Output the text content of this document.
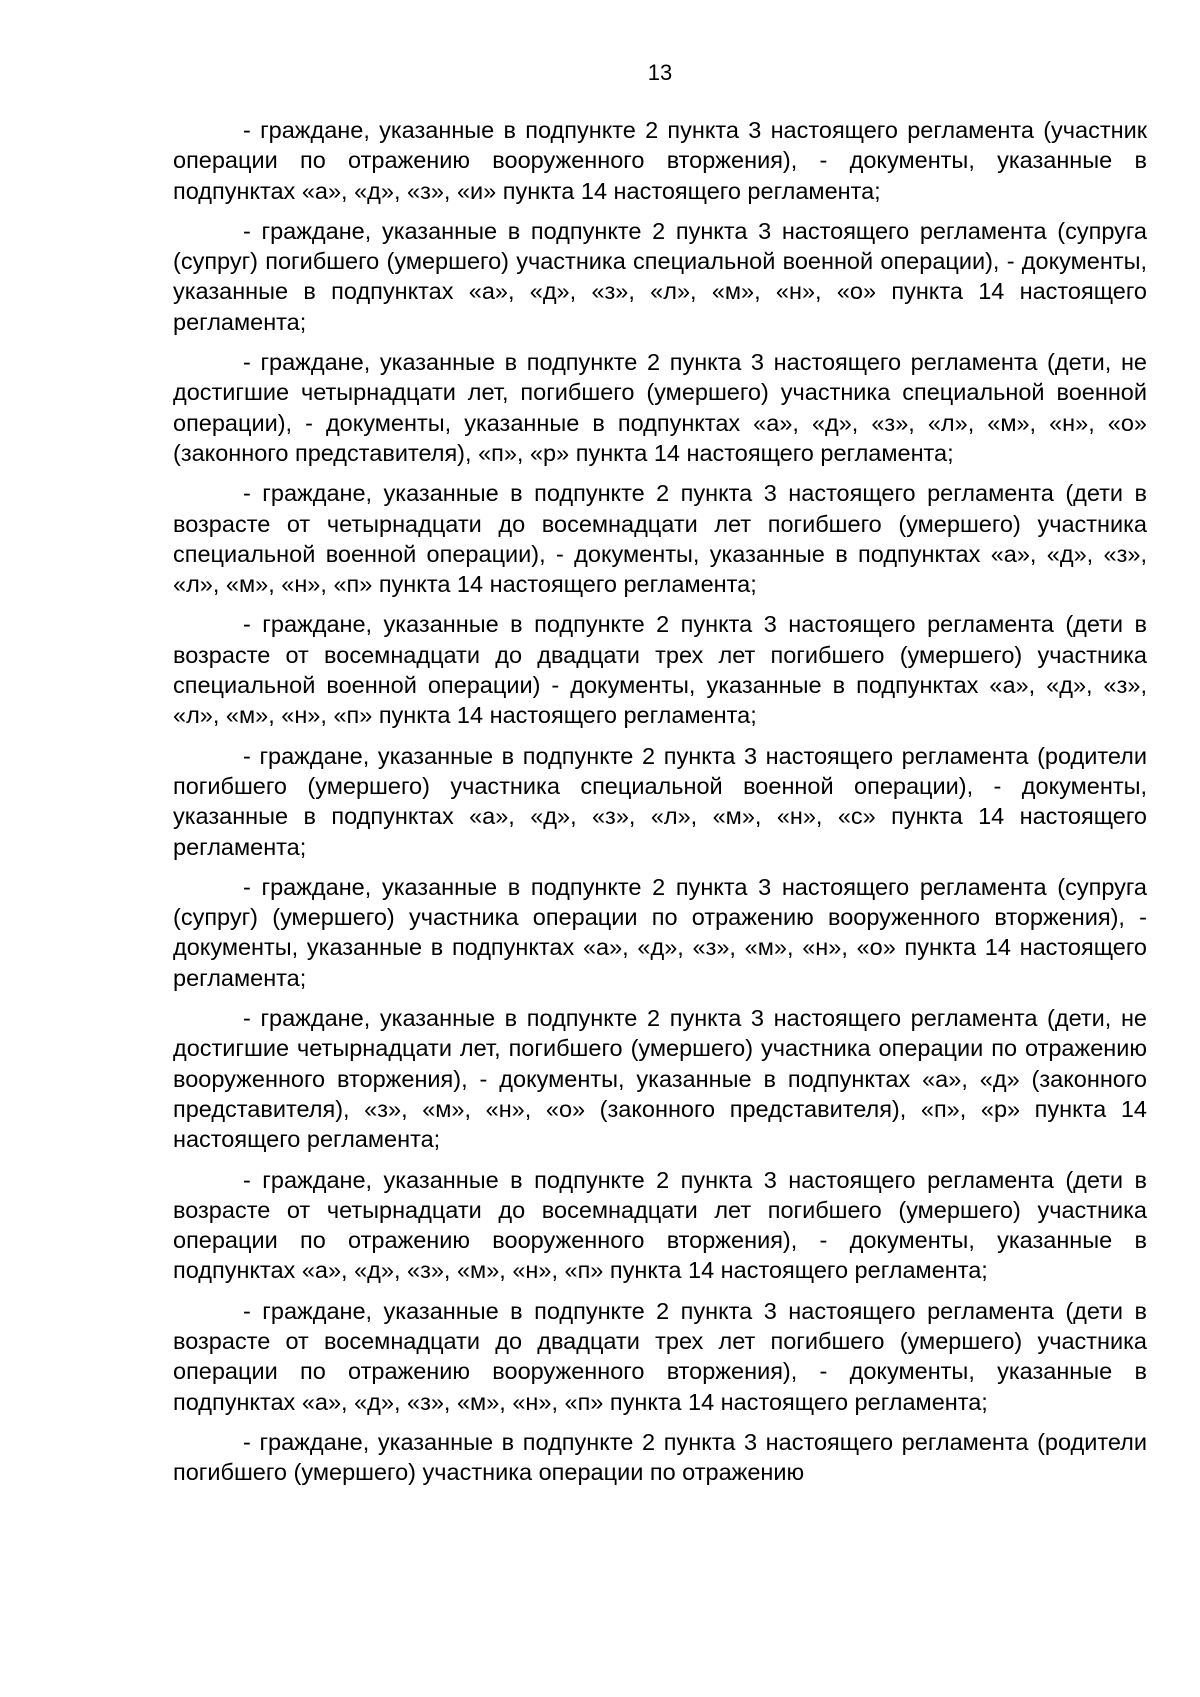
13

- граждане, указанные в подпункте 2 пункта 3 настоящего регламента (участник операции по отражению вооруженного вторжения), - документы, указанные в подпунктах «а», «д», «з», «и» пункта 14 настоящего регламента;

- граждане, указанные в подпункте 2 пункта 3 настоящего регламента (супруга (супруг) погибшего (умершего) участника специальной военной операции), - документы, указанные в подпунктах «а», «д», «з», «л», «м», «н», «о» пункта 14 настоящего регламента;

- граждане, указанные в подпункте 2 пункта 3 настоящего регламента (дети, не достигшие четырнадцати лет, погибшего (умершего) участника специальной военной операции), - документы, указанные в подпунктах «а», «д», «з», «л», «м», «н», «о» (законного представителя), «п», «р» пункта 14 настоящего регламента;

- граждане, указанные в подпункте 2 пункта 3 настоящего регламента (дети в возрасте от четырнадцати до восемнадцати лет погибшего (умершего) участника специальной военной операции), - документы, указанные в подпунктах «а», «д», «з», «л», «м», «н», «п» пункта 14 настоящего регламента;

- граждане, указанные в подпункте 2 пункта 3 настоящего регламента (дети в возрасте от восемнадцати до двадцати трех лет погибшего (умершего) участника специальной военной операции) - документы, указанные в подпунктах «а», «д», «з», «л», «м», «н», «п» пункта 14 настоящего регламента;

- граждане, указанные в подпункте 2 пункта 3 настоящего регламента (родители погибшего (умершего) участника специальной военной операции), - документы, указанные в подпунктах «а», «д», «з», «л», «м», «н», «с» пункта 14 настоящего регламента;

- граждане, указанные в подпункте 2 пункта 3 настоящего регламента (супруга (супруг) (умершего) участника операции по отражению вооруженного вторжения), - документы, указанные в подпунктах «а», «д», «з», «м», «н», «о» пункта 14 настоящего регламента;

- граждане, указанные в подпункте 2 пункта 3 настоящего регламента (дети, не достигшие четырнадцати лет, погибшего (умершего) участника операции по отражению вооруженного вторжения), - документы, указанные в подпунктах «а», «д» (законного представителя), «з», «м», «н», «о» (законного представителя), «п», «р» пункта 14 настоящего регламента;

- граждане, указанные в подпункте 2 пункта 3 настоящего регламента (дети в возрасте от четырнадцати до восемнадцати лет погибшего (умершего) участника операции по отражению вооруженного вторжения), - документы, указанные в подпунктах «а», «д», «з», «м», «н», «п» пункта 14 настоящего регламента;

- граждане, указанные в подпункте 2 пункта 3 настоящего регламента (дети в возрасте от восемнадцати до двадцати трех лет погибшего (умершего) участника операции по отражению вооруженного вторжения), - документы, указанные в подпунктах «а», «д», «з», «м», «н», «п» пункта 14 настоящего регламента;

- граждане, указанные в подпункте 2 пункта 3 настоящего регламента (родители погибшего (умершего) участника операции по отражению
